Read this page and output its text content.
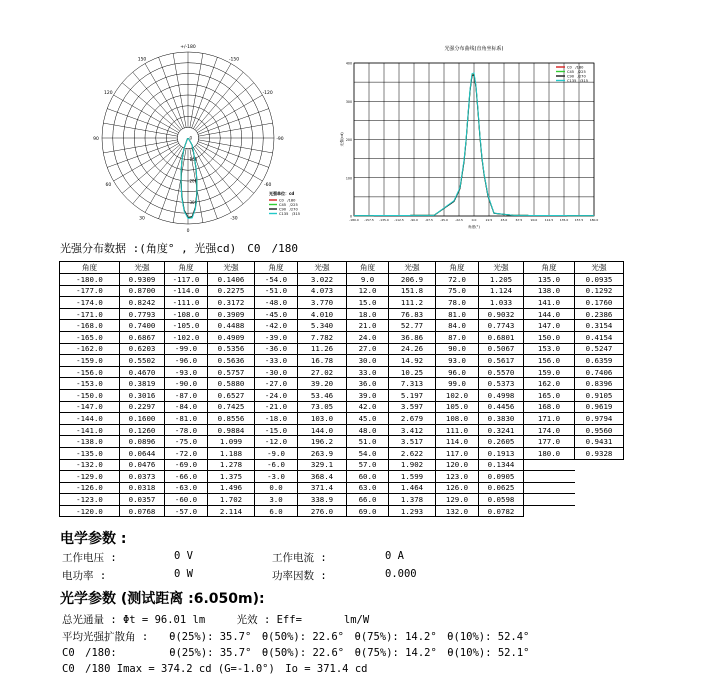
0
-30
-60
-90
-120
-150
+/-180
150
120
90
60
30
0
100
200
300
光强单位：cd
C0　/180
C45　/225
C90　/270
C135　/315
光强分布曲线(直角坐标系)
-180.0 -157.5 -135.0 -112.5 -90.0 -67.5 -45.0 -22.5	0.0	22.5	45.0	67.5	90.0 112.5 135.0 157.5 180.0
0
100
200
300
400
角度(°)
光强(cd)
C0　/180
C45　/225
C90　/270
C135　/315
光强分布数据 :(角度° , 光强cd)　C0　/180
角度	光强	角度	光强	角度	光强	角度	光强	角度	光强	角度	光强
-180.0	0.9309	-117.0	0.1406	-54.0	3.022	9.0	206.9	72.0	1.205	135.0	0.0935
-177.0	0.8700	-114.0	0.2275	-51.0	4.073	12.0	151.8	75.0	1.124	138.0	0.1292
-174.0	0.8242	-111.0	0.3172	-48.0	3.770	15.0	111.2	78.0	1.033	141.0	0.1760
-171.0	0.7793	-108.0	0.3909	-45.0	4.010	18.0	76.83	81.0	0.9032	144.0	0.2386
-168.0	0.7400	-105.0	0.4488	-42.0	5.340	21.0	52.77	84.0	0.7743	147.0	0.3154
-165.0	0.6867	-102.0	0.4909	-39.0	7.782	24.0	36.86	87.0	0.6801	150.0	0.4154
-162.0	0.6203	-99.0	0.5356	-36.0	11.26	27.0	24.26	90.0	0.5067	153.0	0.5247
-159.0	0.5502	-96.0	0.5636	-33.0	16.78	30.0	14.92	93.0	0.5617	156.0	0.6359
-156.0	0.4670	-93.0	0.5757	-30.0	27.02	33.0	10.25	96.0	0.5570	159.0	0.7406
-153.0	0.3819	-90.0	0.5880	-27.0	39.20	36.0	7.313	99.0	0.5373	162.0	0.8396
-150.0	0.3016	-87.0	0.6527	-24.0	53.46	39.0	5.197	102.0	0.4998	165.0	0.9105
-147.0	0.2297	-84.0	0.7425	-21.0	73.05	42.0	3.597	105.0	0.4456	168.0	0.9619
-144.0	0.1600	-81.0	0.8556	-18.0	103.0	45.0	2.679	108.0	0.3830	171.0	0.9794
-141.0	0.1260	-78.0	0.9884	-15.0	144.0	48.0	3.412	111.0	0.3241	174.0	0.9560
-138.0	0.0896	-75.0	1.099	-12.0	196.2	51.0	3.517	114.0	0.2605	177.0	0.9431
-135.0	0.0644	-72.0	1.188	-9.0	263.9	54.0	2.622	117.0	0.1913	180.0	0.9328
-132.0	0.0476	-69.0	1.278	-6.0	329.1	57.0	1.902	120.0	0.1344		
-129.0	0.0373	-66.0	1.375	-3.0	368.4	60.0	1.599	123.0	0.0905		
-126.0	0.0318	-63.0	1.496	0.0	371.4	63.0	1.464	126.0	0.0625		
-123.0	0.0357	-60.0	1.702	3.0	338.9	66.0	1.378	129.0	0.0598		
-120.0	0.0768	-57.0	2.114	6.0	276.0	69.0	1.293	132.0	0.0782		
电学参数 :
工作电压 :	0 V	工作电流 :	0 A
电功率 :	0 W	功率因数 :	0.000
光学参数 (测试距离 :6.050m):
总光通量 : Φt = 96.01 lm　　　光效 : Eff=　　　　lm/W
平均光强扩散角 :　　θ(25%): 35.7°　θ(50%): 22.6°　θ(75%): 14.2°　θ(10%): 52.4°
C0　/180:　　　　　θ(25%): 35.7°　θ(50%): 22.6°　θ(75%): 14.2°　θ(10%): 52.1°
C0　/180 Imax = 374.2 cd (G=-1.0°)　Io = 371.4 cd
